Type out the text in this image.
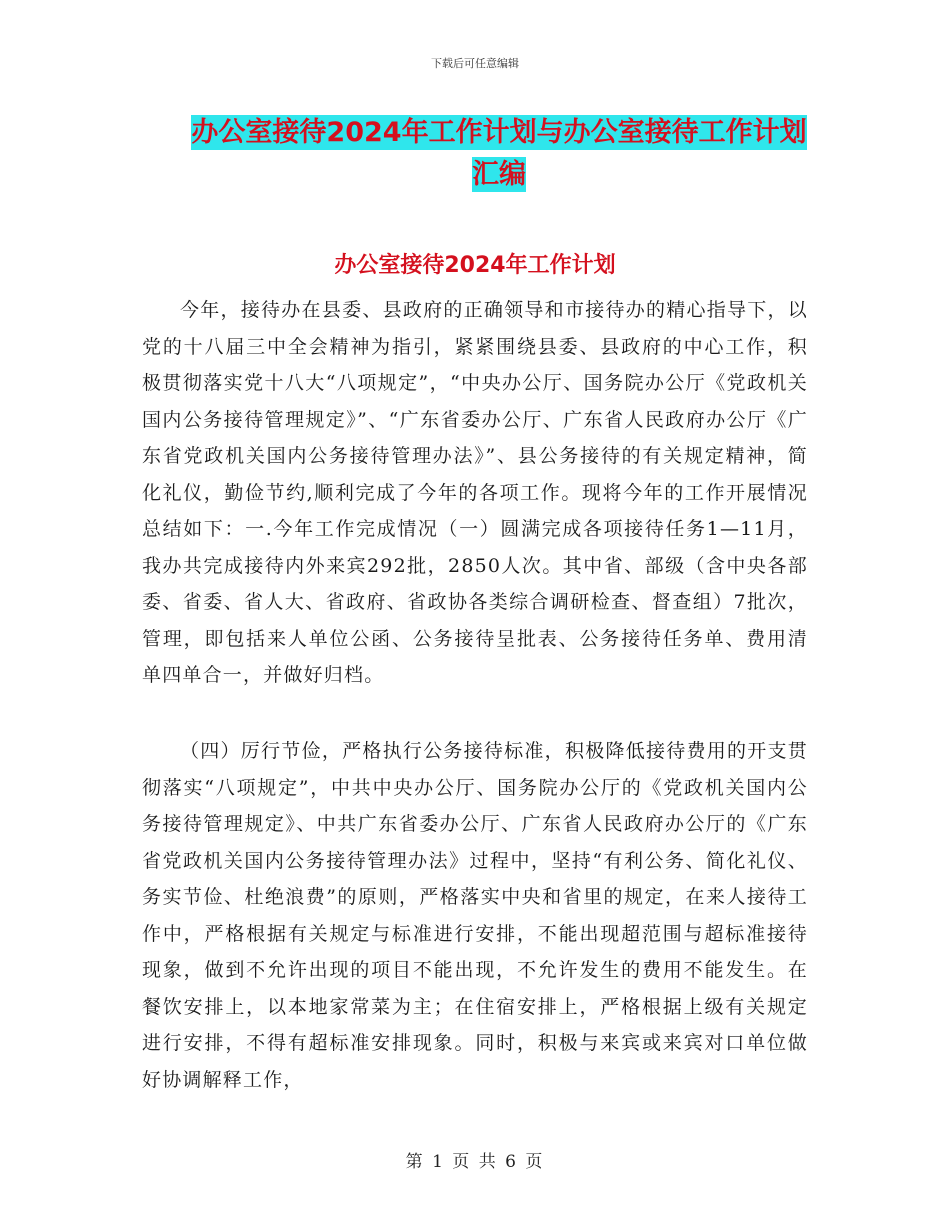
下载后可任意编辑
办公室接待2024年工作计划与办公室接待工作计划汇编
办公室接待2024年工作计划

今年，接待办在县委、县政府的正确领导和市接待办的精心指导下，以党的十八届三中全会精神为指引，紧紧围绕县委、县政府的中心工作，积极贯彻落实党十八大“八项规定”，“中央办公厅、国务院办公厅《党政机关国内公务接待管理规定》”、“广东省委办公厅、广东省人民政府办公厅《广东省党政机关国内公务接待管理办法》”、县公务接待的有关规定精神，简化礼仪，勤俭节约,顺利完成了今年的各项工作。现将今年的工作开展情况总结如下：一.今年工作完成情况（一）圆满完成各项接待任务1—11月，我办共完成接待内外来宾292批，2850人次。其中省、部级（含中央各部委、省委、省人大、省政府、省政协各类综合调研检查、督查组）7批次，管理，即包括来人单位公函、公务接待呈批表、公务接待任务单、费用清单四单合一，并做好归档。

（四）厉行节俭，严格执行公务接待标准，积极降低接待费用的开支贯彻落实“八项规定”，中共中央办公厅、国务院办公厅的《党政机关国内公务接待管理规定》、中共广东省委办公厅、广东省人民政府办公厅的《广东省党政机关国内公务接待管理办法》过程中，坚持“有利公务、简化礼仪、务实节俭、杜绝浪费”的原则，严格落实中央和省里的规定，在来人接待工作中，严格根据有关规定与标准进行安排，不能出现超范围与超标准接待现象，做到不允许出现的项目不能出现，不允许发生的费用不能发生。在餐饮安排上，以本地家常菜为主；在住宿安排上，严格根据上级有关规定进行安排，不得有超标准安排现象。同时，积极与来宾或来宾对口单位做好协调解释工作，

第 1 页 共 6 页
